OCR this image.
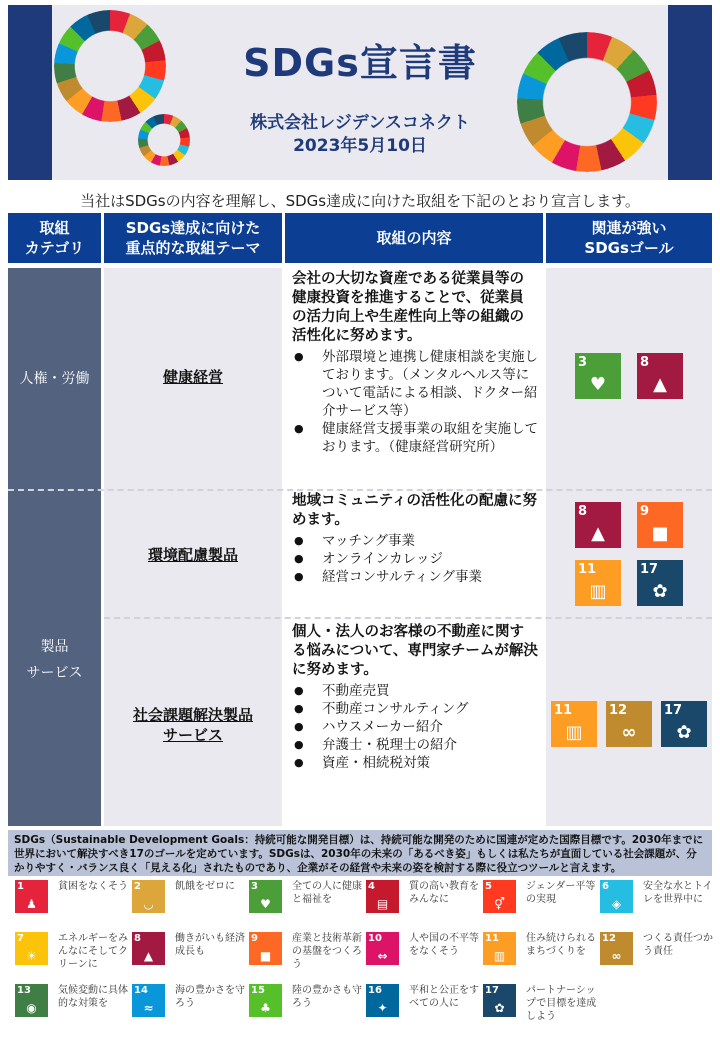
SDGs宣言書
株式会社レジデンスコネクト
2023年5月10日
当社はSDGsの内容を理解し、SDGs達成に向けた取組を下記のとおり宣言します。
取組
カテゴリ
SDGs達成に向けた
重点的な取組テーマ
取組の内容
関連が強い
SDGsゴール
人権・労働	健康経営
会社の大切な資産である従業員等の健康投資を推進することで、従業員の活力向上や生産性向上等の組織の活性化に努めます。
● 外部環境と連携し健康相談を実施しております。（メンタルヘルス等について電話による相談、ドクター紹介サービス等）
● 健康経営支援事業の取組を実施しております。（健康経営研究所）
3
♥
8
▲
製品
サービス
環境配慮製品
地域コミュニティの活性化の配慮に努めます。
● マッチング事業
● オンラインカレッジ
● 経営コンサルティング事業
8
▲
9
■
11
▥
17
✿
社会課題解決製品
サービス
個人・法人のお客様の不動産に関する悩みについて、専門家チームが解決に努めます。
● 不動産売買
● 不動産コンサルティング
● ハウスメーカー紹介
● 弁護士・税理士の紹介
● 資産・相続税対策
11
▥
12
∞
17
✿
SDGs（Sustainable Development Goals：持続可能な開発目標）は、持続可能な開発のために国連が定めた国際目標です。2030年までに世界において解決すべき17のゴールを定めています。SDGsは、2030年の未来の「あるべき姿」もしくは私たちが直面している社会課題が、分かりやすく・バランス良く「見える化」されたものであり、企業がその経営や未来の姿を検討する際に役立つツールと言えます。
1
♟
貧困をなくそう 2
◡
飢餓をゼロに	3
♥
全ての人に健康と福祉を
4
▤
質の高い教育をみんなに
5
⚥
ジェンダー平等の実現
6
◈
安全な水とトイレを世界中に
7
☀
エネルギーをみんなにそしてクリーンに
8
▲
働きがいも経済成長も
9
■
産業と技術革新の基盤をつくろう
10
⇔
人や国の不平等をなくそう
11
▥
住み続けられるまちづくりを
12
∞
つくる責任つかう責任
13
◉
気候変動に具体的な対策を
14
≈
海の豊かさを守ろう
15
♣
陸の豊かさも守ろう
16
✦
平和と公正をすべての人に
17
✿
パートナーシップで目標を達成しよう
